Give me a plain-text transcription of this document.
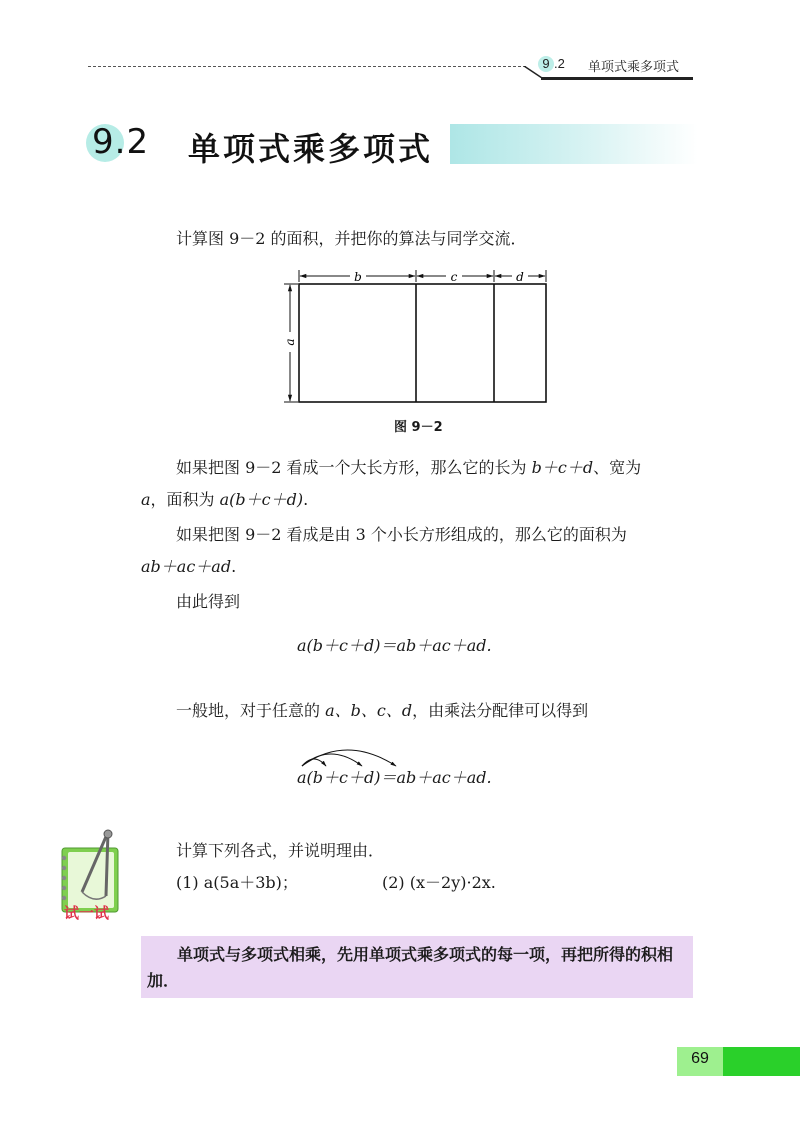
9 .2 单项式乘多项式
9.2 单项式乘多项式
计算图 9－2 的面积，并把你的算法与同学交流．
b	c	d
a
图 9－2
如果把图 9－2 看成一个大长方形，那么它的长为 b＋c＋d、宽为
a，面积为 a(b＋c＋d).
如果把图 9－2 看成是由 3 个小长方形组成的，那么它的面积为
ab＋ac＋ad.
由此得到
a(b＋c＋d)＝ab＋ac＋ad.
一般地，对于任意的 a、b、c、d，由乘法分配律可以得到
a(b＋c＋d)＝ab＋ac＋ad.
试一试
计算下列各式，并说明理由．
(1) a(5a＋3b)；	(2) (x－2y)·2x.
单项式与多项式相乘，先用单项式乘多项式的每一项，再把所得的积相加．
69
